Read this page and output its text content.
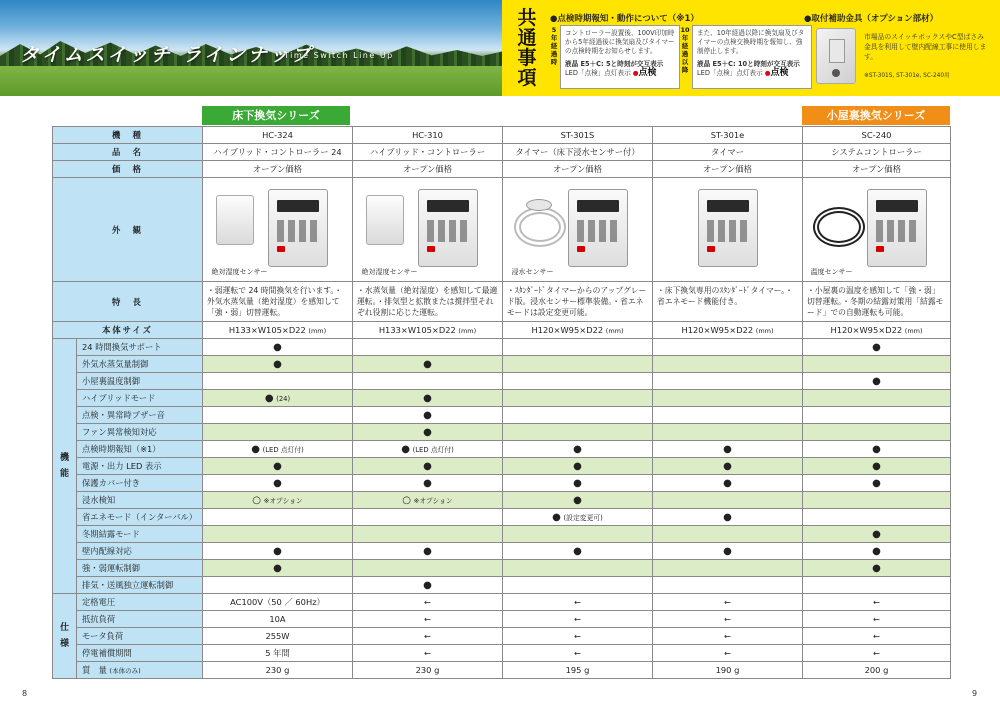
タイムスイッチ ラインナップ
Time Switch Line Up
共通事項
●点検時期報知・動作について（※1）
5年経過時
コントローラー設置後、100V印加時から5年経過後に換気扇及びタイマーの点検時期をお知らせします。
液晶 E5＋C: 5と時刻が交互表示
LED「点検」点灯表示 ●点検
10年経過以降
また、10年経過以降に換気扇及びタイマーの点検交換時期を報知し、強制停止します。
液晶 E5＋C: 10と時刻が交互表示
LED「点検」点灯表示 ●点検
●取付補助金具（オプション部材）
市場品のスイッチボックスやC型ばさみ金具を利用して壁内配線工事に使用します。
※ST-301S, ST-301e, SC-240用
床下換気シリーズ	小屋裏換気シリーズ
機　種		HC-324	HC-310	ST-301S	ST-301e	SC-240
品　名		ハイブリッド・コントローラー 24	ハイブリッド・コントローラー	タイマー（床下浸水センサー付）	タイマー	システムコントローラー
価　格		オープン価格	オープン価格	オープン価格	オープン価格	オープン価格
外　観		絶対湿度センサー	絶対湿度センサー	浸水センサー		温度センサー

特　長		・弱運転で 24 時間換気を行います。・外気水蒸気量（絶対湿度）を感知して「強・弱」切替運転。	・水蒸気量（絶対湿度）を感知して最適運転。・排気型と拡散または撹拌型それぞれ役割に応じた運転。	・ｽﾀﾝﾀﾞｰﾄﾞタイマーからのアップグレード版。浸水センサー標準装備。・省エネモードは設定変更可能。	・床下換気専用のｽﾀﾝﾀﾞｰﾄﾞタイマー。・省エネモード機能付き。	・小屋裏の温度を感知して「強・弱」切替運転。・冬期の結露対策用「結露モード」での自動運転も可能。
本体サイズ		H133×W105×D22 (mm)	H133×W105×D22 (mm)	H120×W95×D22 (mm)	H120×W95×D22 (mm)	H120×W95×D22 (mm)
機能	24 時間換気サポート	●				●
	外気水蒸気量制御	●	●			
	小屋裏温度制御					●
	ハイブリッドモード	● (24)	●			
	点検・異常時ブザー音		●			
	ファン異常検知対応		●			
	点検時期報知（※1）	● (LED 点灯付)	● (LED 点灯付)	●	●	●
	電源・出力 LED 表示	●	●	●	●	●
	保護カバー付き	●	●	●	●	●
	浸水検知	○ ※オプション	○ ※オプション	●		
	省エネモード（インターバル）			● (設定変更可)	●	
	冬期結露モード					●
	壁内配線対応	●	●	●	●	●
	強・弱運転制御	●				●
	排気・送風独立運転制御		●			
仕様	定格電圧	AC100V（50 ／ 60Hz）	←	←	←	←
	抵抗負荷	10A	←	←	←	←
	モータ負荷	255W	←	←	←	←
	停電補償期間	5 年間	←	←	←	←
	質　量 (本体のみ)	230 g	230 g	195 g	190 g	200 g
8	9
